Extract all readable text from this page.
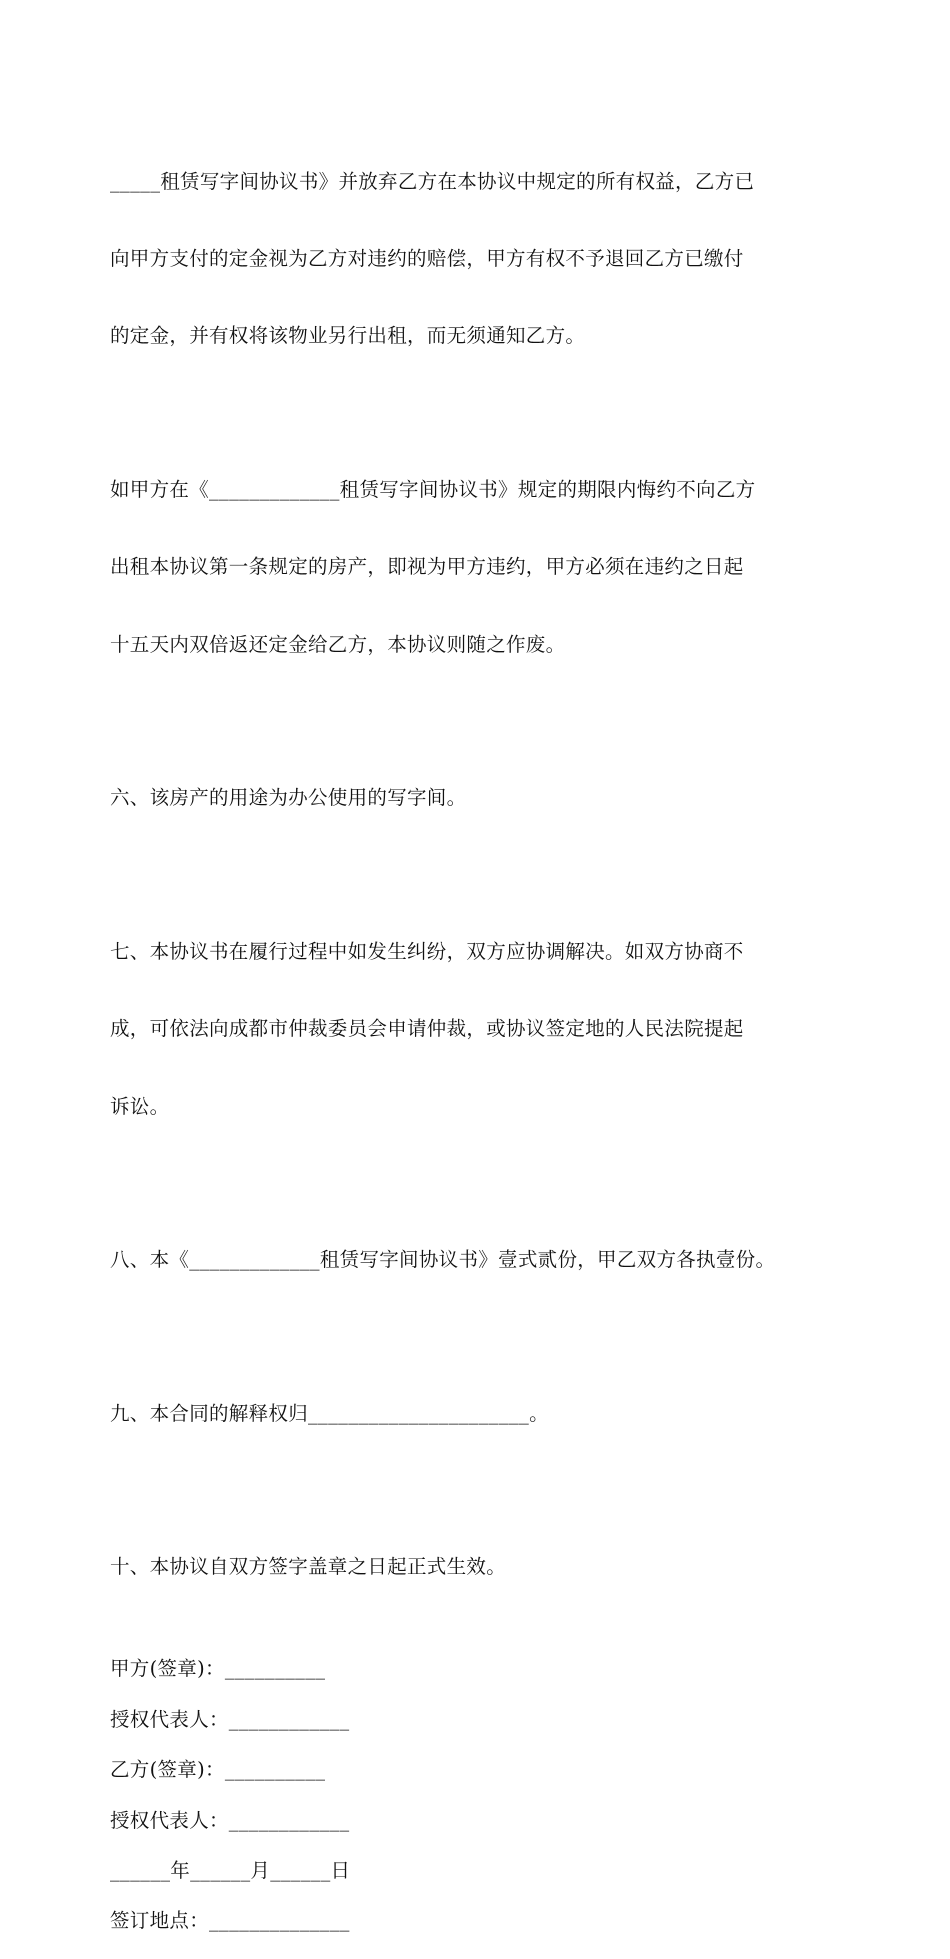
_____租赁写字间协议书》并放弃乙方在本协议中规定的所有权益，乙方已

向甲方支付的定金视为乙方对违约的赔偿，甲方有权不予退回乙方已缴付

的定金，并有权将该物业另行出租，而无须通知乙方。

如甲方在《_____________租赁写字间协议书》规定的期限内悔约不向乙方

出租本协议第一条规定的房产，即视为甲方违约，甲方必须在违约之日起

十五天内双倍返还定金给乙方，本协议则随之作废。

六、该房产的用途为办公使用的写字间。

七、本协议书在履行过程中如发生纠纷，双方应协调解决。如双方协商不

成，可依法向成都市仲裁委员会申请仲裁，或协议签定地的人民法院提起

诉讼。

八、本《_____________租赁写字间协议书》壹式贰份，甲乙双方各执壹份。

九、本合同的解释权归______________________。

十、本协议自双方签字盖章之日起正式生效。

甲方(签章)：__________

授权代表人：____________

乙方(签章)：__________

授权代表人：____________

______年______月______日

签订地点：______________
